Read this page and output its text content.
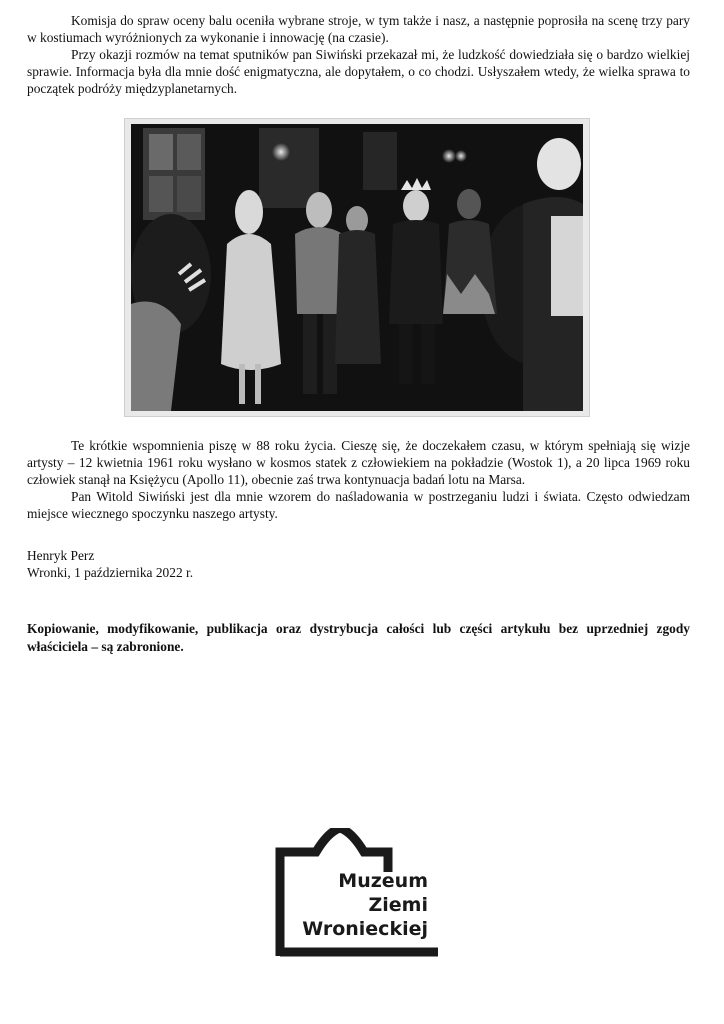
Komisja do spraw oceny balu oceniła wybrane stroje, w tym także i nasz, a następnie poprosiła na scenę trzy pary w kostiumach wyróżnionych za wykonanie i innowację (na czasie).

Przy okazji rozmów na temat sputników pan Siwiński przekazał mi, że ludzkość dowiedziała się o bardzo wielkiej sprawie. Informacja była dla mnie dość enigmatyczna, ale dopytałem, o co chodzi. Usłyszałem wtedy, że wielka sprawa to początek podróży międzyplanetarnych.

Te krótkie wspomnienia piszę w 88 roku życia. Cieszę się, że doczekałem czasu, w którym spełniają się wizje artysty – 12 kwietnia 1961 roku wysłano w kosmos statek z człowiekiem na pokładzie (Wostok 1), a 20 lipca 1969 roku człowiek stanął na Księżycu (Apollo 11), obecnie zaś trwa kontynuacja badań lotu na Marsa.

Pan Witold Siwiński jest dla mnie wzorem do naśladowania w postrzeganiu ludzi i świata. Często odwiedzam miejsce wiecznego spoczynku naszego artysty.

Henryk Perz
Wronki, 1 października 2022 r.

Kopiowanie, modyfikowanie, publikacja oraz dystrybucja całości lub części artykułu bez uprzedniej zgody właściciela – są zabronione.

Muzeum
Ziemi
Wronieckiej
